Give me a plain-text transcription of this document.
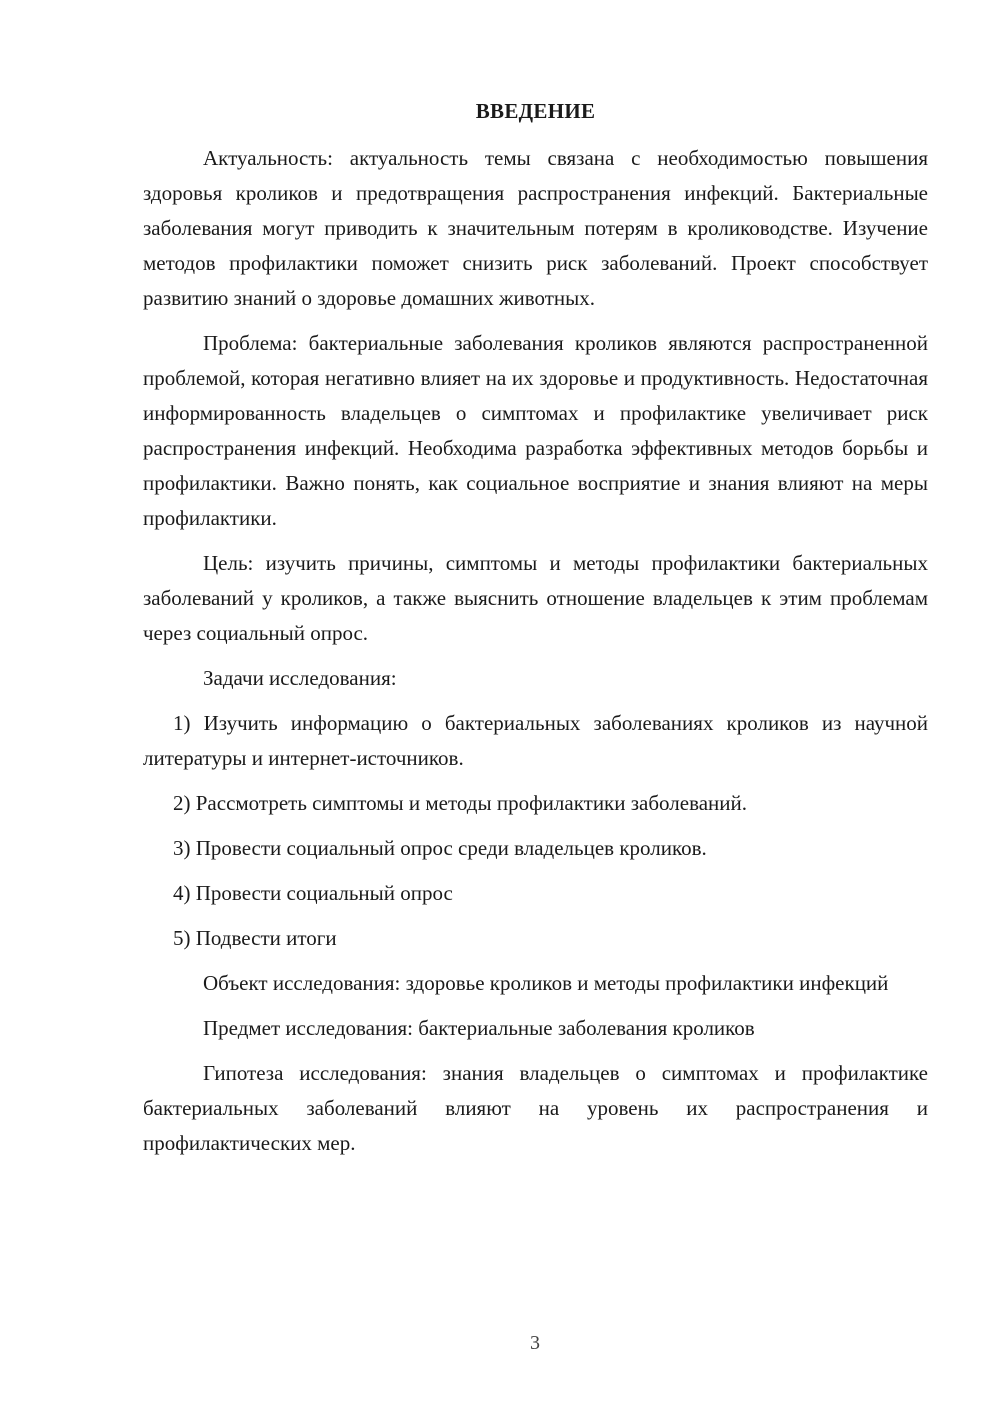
ВВЕДЕНИЕ

Актуальность: актуальность темы связана с необходимостью повышения здоровья кроликов и предотвращения распространения инфекций. Бактериальные заболевания могут приводить к значительным потерям в кролиководстве. Изучение методов профилактики поможет снизить риск заболеваний. Проект способствует развитию знаний о здоровье домашних животных.

Проблема: бактериальные заболевания кроликов являются распространенной проблемой, которая негативно влияет на их здоровье и продуктивность. Недостаточная информированность владельцев о симптомах и профилактике увеличивает риск распространения инфекций. Необходима разработка эффективных методов борьбы и профилактики. Важно понять, как социальное восприятие и знания влияют на меры профилактики.

Цель: изучить причины, симптомы и методы профилактики бактериальных заболеваний у кроликов, а также выяснить отношение владельцев к этим проблемам через социальный опрос.

Задачи исследования:

1) Изучить информацию о бактериальных заболеваниях кроликов из научной литературы и интернет-источников.

2) Рассмотреть симптомы и методы профилактики заболеваний.

3) Провести социальный опрос среди владельцев кроликов.

4) Провести социальный опрос

5) Подвести итоги

Объект исследования: здоровье кроликов и методы профилактики инфекций

Предмет исследования: бактериальные заболевания кроликов

Гипотеза исследования: знания владельцев о симптомах и профилактике бактериальных заболеваний влияют на уровень их распространения и профилактических мер.

3
